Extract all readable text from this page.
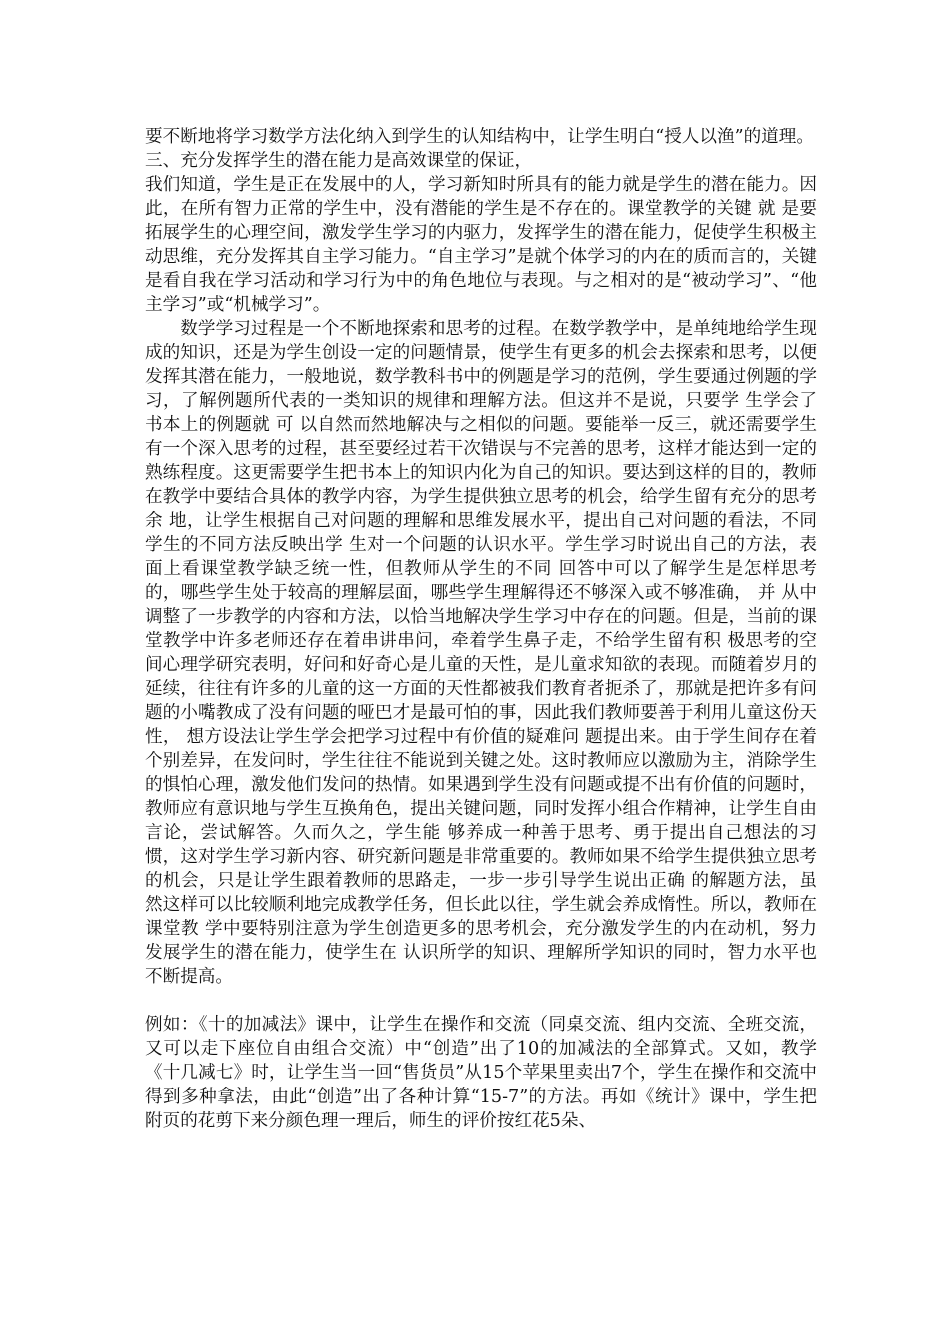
要不断地将学习数学方法化纳入到学生的认知结构中，让学生明白“授人以渔”的道理。

三、充分发挥学生的潜在能力是高效课堂的保证，

我们知道，学生是正在发展中的人，学习新知时所具有的能力就是学生的潜在能力。因此，在所有智力正常的学生中，没有潜能的学生是不存在的。课堂教学的关键 就 是要拓展学生的心理空间，激发学生学习的内驱力，发挥学生的潜在能力，促使学生积极主动思维，充分发挥其自主学习能力。“自主学习”是就个体学习的内在的质而言的，关键是看自我在学习活动和学习行为中的角色地位与表现。与之相对的是“被动学习”、“他主学习”或“机械学习”。

数学学习过程是一个不断地探索和思考的过程。在数学教学中，是单纯地给学生现成的知识，还是为学生创设一定的问题情景，使学生有更多的机会去探索和思考，以便发挥其潜在能力，一般地说，数学教科书中的例题是学习的范例，学生要通过例题的学习，了解例题所代表的一类知识的规律和理解方法。但这并不是说，只要学 生学会了书本上的例题就 可 以自然而然地解决与之相似的问题。要能举一反三，就还需要学生有一个深入思考的过程，甚至要经过若干次错误与不完善的思考，这样才能达到一定的熟练程度。这更需要学生把书本上的知识内化为自己的知识。要达到这样的目的，教师在教学中要结合具体的教学内容，为学生提供独立思考的机会，给学生留有充分的思考余 地，让学生根据自己对问题的理解和思维发展水平，提出自己对问题的看法，不同学生的不同方法反映出学 生对一个问题的认识水平。学生学习时说出自己的方法，表面上看课堂教学缺乏统一性，但教师从学生的不同 回答中可以了解学生是怎样思考的，哪些学生处于较高的理解层面，哪些学生理解得还不够深入或不够准确， 并 从中调整了一步教学的内容和方法，以恰当地解决学生学习中存在的问题。但是，当前的课堂教学中许多老师还存在着串讲串问，牵着学生鼻子走，不给学生留有积 极思考的空间心理学研究表明，好问和好奇心是儿童的天性，是儿童求知欲的表现。而随着岁月的延续，往往有许多的儿童的这一方面的天性都被我们教育者扼杀了，那就是把许多有问题的小嘴教成了没有问题的哑巴才是最可怕的事，因此我们教师要善于利用儿童这份天性， 想方设法让学生学会把学习过程中有价值的疑难问 题提出来。由于学生间存在着个别差异，在发问时，学生往往不能说到关键之处。这时教师应以激励为主，消除学生的惧怕心理，激发他们发问的热情。如果遇到学生没有问题或提不出有价值的问题时，教师应有意识地与学生互换角色，提出关键问题，同时发挥小组合作精神，让学生自由言论，尝试解答。久而久之，学生能 够养成一种善于思考、勇于提出自己想法的习惯，这对学生学习新内容、研究新问题是非常重要的。教师如果不给学生提供独立思考的机会，只是让学生跟着教师的思路走，一步一步引导学生说出正确 的解题方法，虽然这样可以比较顺利地完成教学任务，但长此以往，学生就会养成惰性。所以，教师在课堂教 学中要特别注意为学生创造更多的思考机会，充分激发学生的内在动机，努力发展学生的潜在能力，使学生在 认识所学的知识、理解所学知识的同时，智力水平也不断提高。

例如：《十的加减法》课中，让学生在操作和交流（同桌交流、组内交流、全班交流，又可以走下座位自由组合交流）中“创造”出了10的加减法的全部算式。又如，教学《十几减七》时，让学生当一回“售货员”从15个苹果里卖出7个，学生在操作和交流中得到多种拿法，由此“创造”出了各种计算“15-7”的方法。再如《统计》课中，学生把附页的花剪下来分颜色理一理后，师生的评价按红花5朵、
